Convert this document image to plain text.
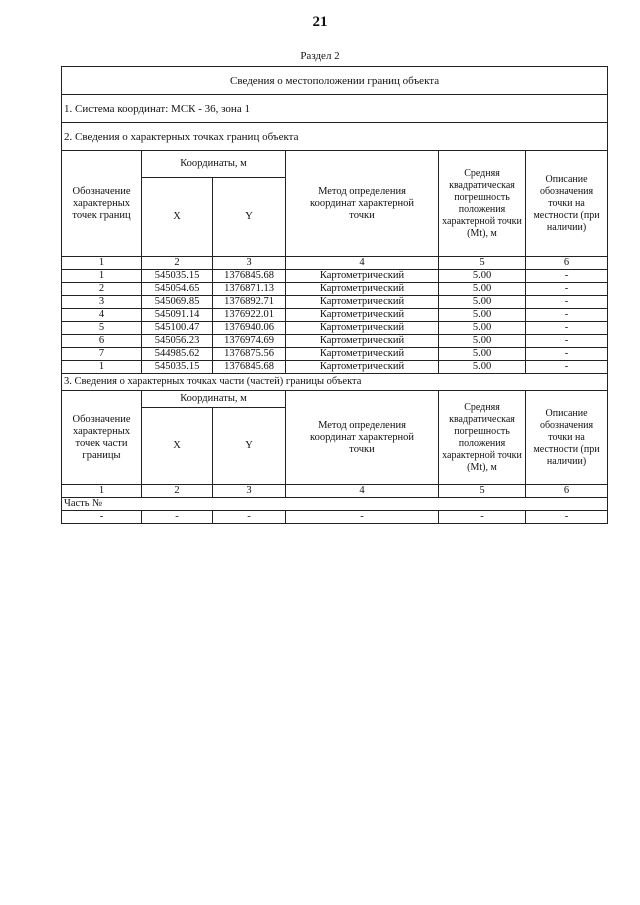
21
Раздел 2
Сведения о местоположении границ объекта					
1. Система координат: МСК - 36, зона 1					
2. Сведения о характерных точках границ объекта					
Обозначение характерных точек границ	Координаты, м		Метод определения координат характерной точки	Средняя квадратическая погрешность положения характерной точки (Mt), м	Описание обозначения точки на местности (при наличии)
	X	Y			
1	2	3	4	5	6
1	545035.15	1376845.68	Картометрический	5.00	-
2	545054.65	1376871.13	Картометрический	5.00	-
3	545069.85	1376892.71	Картометрический	5.00	-
4	545091.14	1376922.01	Картометрический	5.00	-
5	545100.47	1376940.06	Картометрический	5.00	-
6	545056.23	1376974.69	Картометрический	5.00	-
7	544985.62	1376875.56	Картометрический	5.00	-
1	545035.15	1376845.68	Картометрический	5.00	-
3. Сведения о характерных точках части (частей) границы объекта					
Обозначение характерных точек части границы	Координаты, м		Метод определения координат характерной точки	Средняя квадратическая погрешность положения характерной точки (Mt), м	Описание обозначения точки на местности (при наличии)
	X	Y			
1	2	3	4	5	6
Часть №					
-	-	-	-	-	-
